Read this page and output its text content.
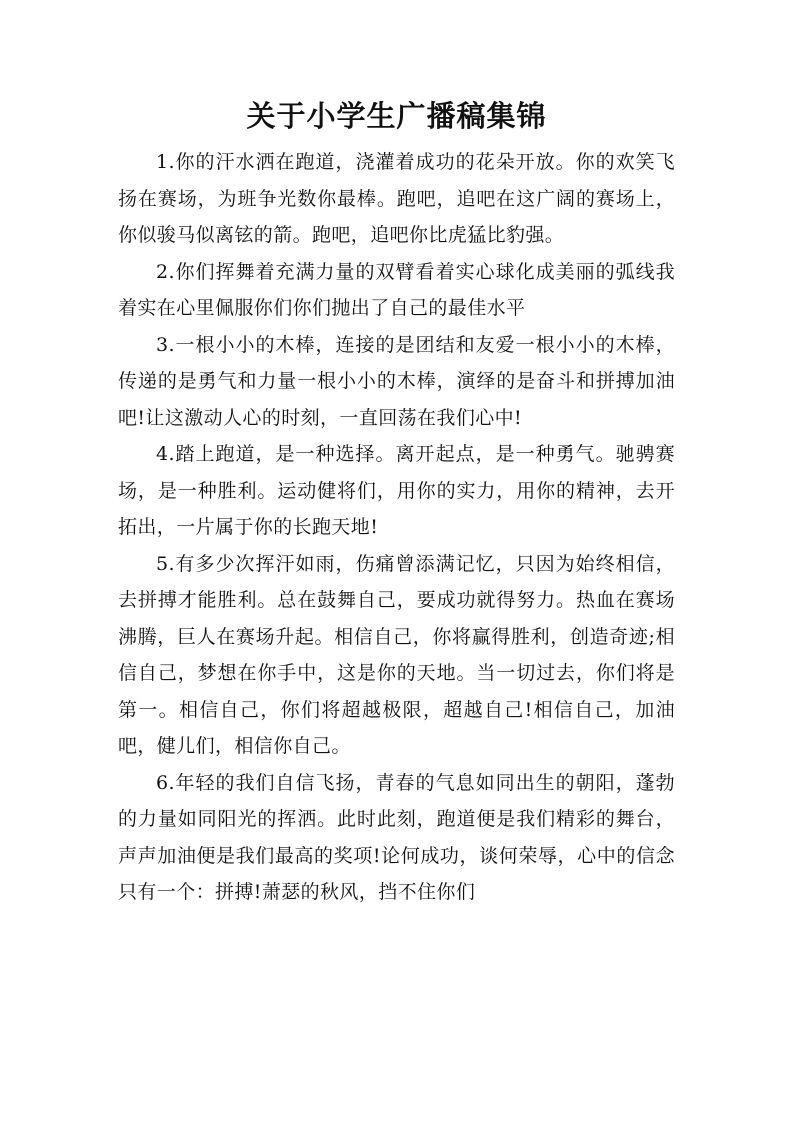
关于小学生广播稿集锦

1.你的汗水洒在跑道，浇灌着成功的花朵开放。你的欢笑飞扬在赛场，为班争光数你最棒。跑吧，追吧在这广阔的赛场上，你似骏马似离铉的箭。跑吧，追吧你比虎猛比豹强。

2.你们挥舞着充满力量的双臂看着实心球化成美丽的弧线我着实在心里佩服你们你们抛出了自己的最佳水平

3.一根小小的木棒，连接的是团结和友爱一根小小的木棒，传递的是勇气和力量一根小小的木棒，演绎的是奋斗和拼搏加油吧!让这激动人心的时刻，一直回荡在我们心中!

4.踏上跑道，是一种选择。离开起点，是一种勇气。驰骋赛场，是一种胜利。运动健将们，用你的实力，用你的精神，去开拓出，一片属于你的长跑天地!

5.有多少次挥汗如雨，伤痛曾添满记忆，只因为始终相信，去拼搏才能胜利。总在鼓舞自己，要成功就得努力。热血在赛场沸腾，巨人在赛场升起。相信自己，你将赢得胜利，创造奇迹;相信自己，梦想在你手中，这是你的天地。当一切过去，你们将是第一。相信自己，你们将超越极限，超越自己!相信自己，加油吧，健儿们，相信你自己。

6.年轻的我们自信飞扬，青春的气息如同出生的朝阳，蓬勃的力量如同阳光的挥洒。此时此刻，跑道便是我们精彩的舞台，声声加油便是我们最高的奖项!论何成功，谈何荣辱，心中的信念只有一个：拼搏!萧瑟的秋风，挡不住你们
